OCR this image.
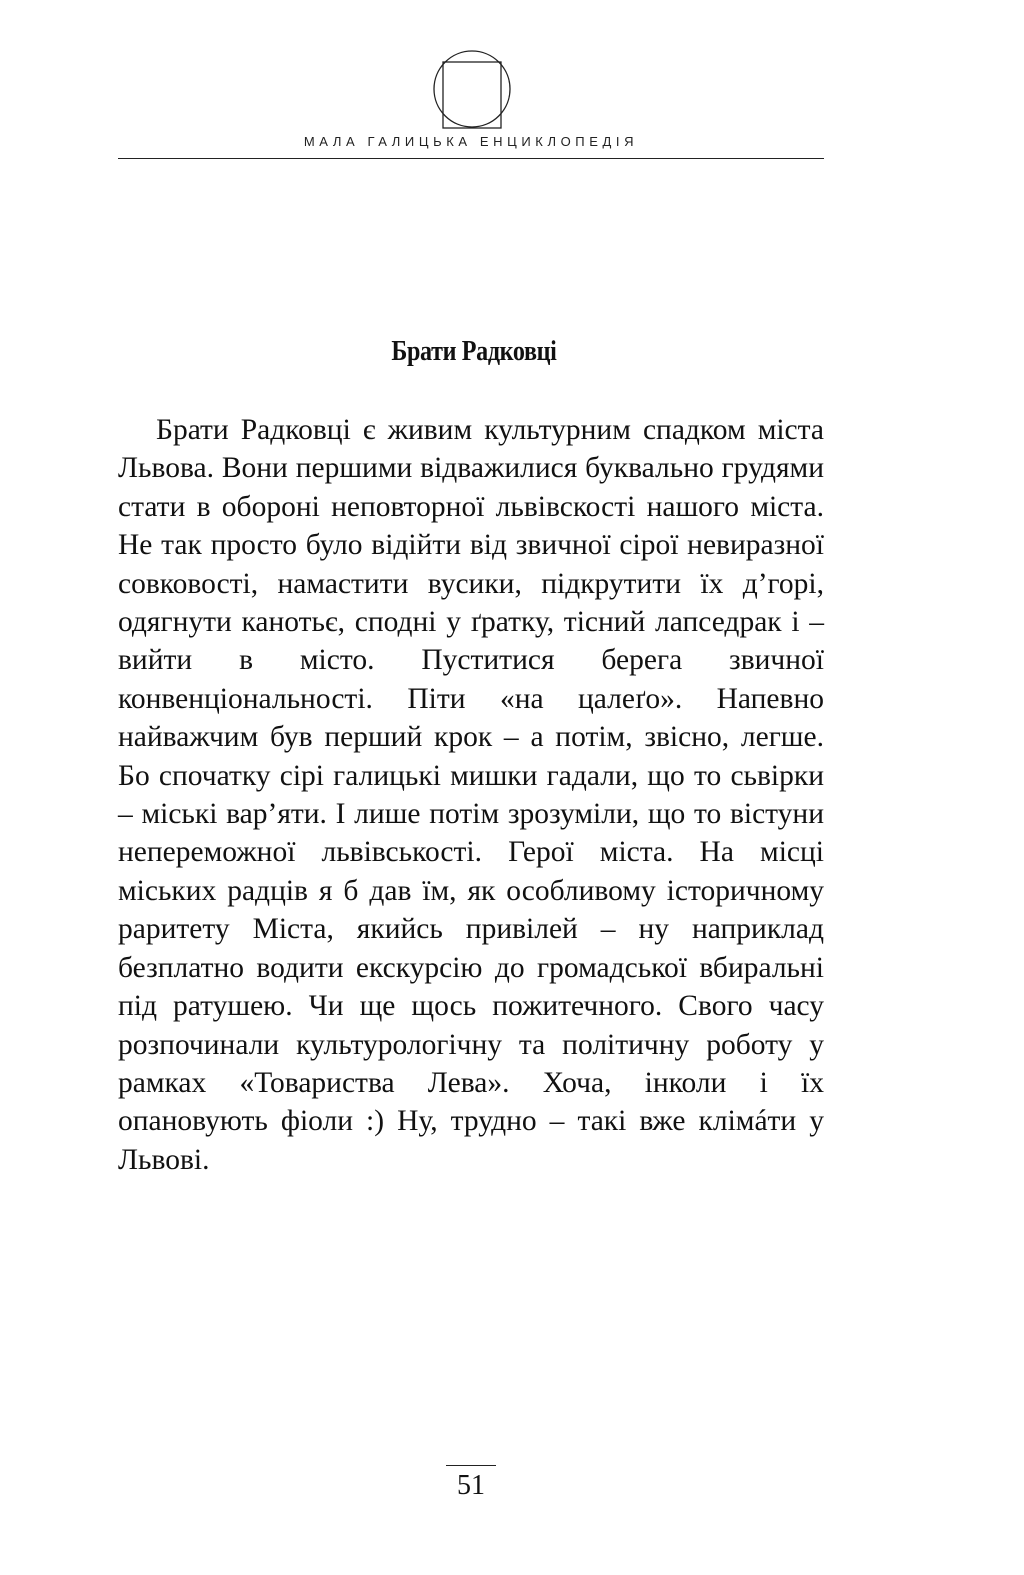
МАЛА ГАЛИЦЬКА ЕНЦИКЛОПЕДІЯ
Брати Радковці

Брати Радковці є живим культурним спадком міста Львова. Вони першими відважилися буквально грудями стати в обороні неповторної львівскості нашого міста. Не так просто було відійти від звичної сірої невиразної совковості, намастити вусики, підкрутити їх д’горі, одягнути канотьє, сподні у ґратку, тісний лапседрак і – вийти в місто. Пуститися берега звичної конвенціональності. Піти «на цалеґо». Напевно найважчим був перший крок – а потім, звісно, легше. Бо спочатку сірі галицькі мишки гадали, що то сьвірки – міські вар’яти. І лише потім зрозуміли, що то вістуни непереможної львівськості. Герої міста. На місці міських радців я б дав їм, як особливому історичному раритету Міста, якийсь привілей – ну наприклад безплатно водити екскурсію до громадської вбиральні під ратушею. Чи ще щось пожитечного. Свого часу розпочинали культурологічну та політичну роботу у рамках «Товариства Лева». Хоча, інколи і їх опановують фіоли :) Ну, трудно – такі вже клімáти у Львові.

51
